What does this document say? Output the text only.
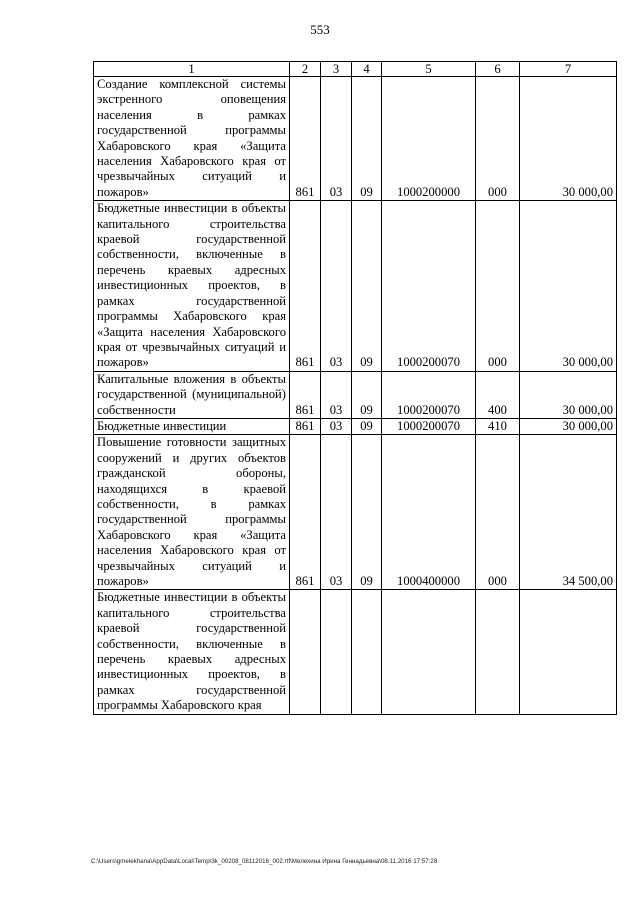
553
1	2	3	4	5	6	7
Создание комплексной системы экстренного оповещения населения в рамках государственной программы Хабаровского края «Защита населения Хабаровского края от чрезвычайных ситуаций и пожаров»	861	03	09	1000200000	000	30 000,00
Бюджетные инвестиции в объекты капитального строительства краевой государственной собственности, включенные в перечень краевых адресных инвестиционных проектов, в рамках государственной программы Хабаровского края «Защита населения Хабаровского края от чрезвычайных ситуаций и пожаров»	861	03	09	1000200070	000	30 000,00
Капитальные вложения в объекты государственной (муниципальной) собственности	861	03	09	1000200070	400	30 000,00
Бюджетные инвестиции	861	03	09	1000200070	410	30 000,00
Повышение готовности защитных сооружений и других объектов гражданской обороны, находящихся в краевой собственности, в рамках государственной программы Хабаровского края «Защита населения Хабаровского края от чрезвычайных ситуаций и пожаров»	861	03	09	1000400000	000	34 500,00
Бюджетные инвестиции в объекты капитального строительства краевой государственной собственности, включенные в перечень краевых адресных инвестиционных проектов, в рамках государственной программы Хабаровского края						
C:\Users\gmelekhana\AppData\Local\Temp\3k_00208_08112016_002.rtf\Мелехина Ирина Геннадьевна\08.11.2016 17:57:28
